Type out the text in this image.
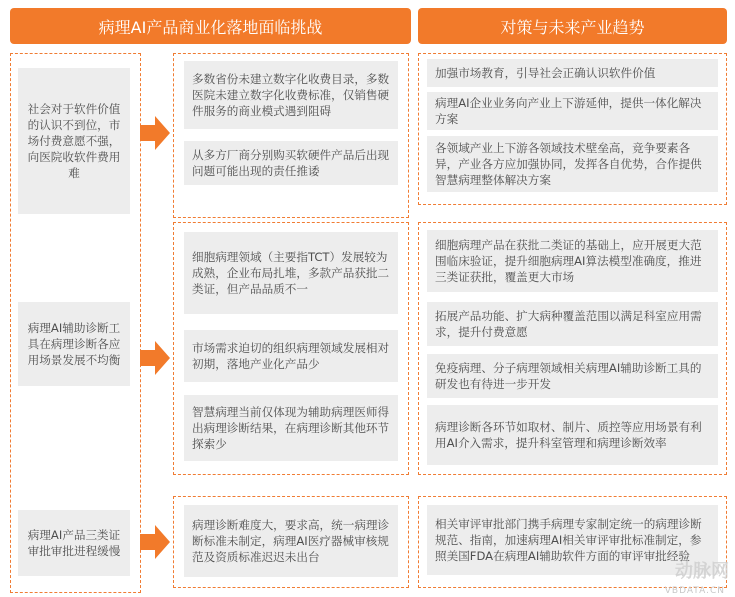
病理AI产品商业化落地面临挑战	对策与未来产业趋势
社会对于软件价值的认识不到位，市场付费意愿不强，向医院收软件费用难
多数省份未建立数字化收费目录，多数医院未建立数字化收费标准，仅销售硬件服务的商业模式遇到阻碍
从多方厂商分别购买软硬件产品后出现问题可能出现的责任推诿
加强市场教育，引导社会正确认识软件价值
病理AI企业业务向产业上下游延伸，提供一体化解决方案
各领域产业上下游各领域技术壁垒高，竞争要素各异，产业各方应加强协同，发挥各自优势，合作提供智慧病理整体解决方案
病理AI辅助诊断工具在病理诊断各应用场景发展不均衡
细胞病理领域（主要指TCT）发展较为成熟，企业布局扎堆，多款产品获批二类证，但产品品质不一
市场需求迫切的组织病理领域发展相对初期，落地产业化产品少
智慧病理当前仅体现为辅助病理医师得出病理诊断结果，在病理诊断其他环节探索少
细胞病理产品在获批二类证的基础上，应开展更大范围临床验证，提升细胞病理AI算法模型准确度，推进三类证获批，覆盖更大市场
拓展产品功能、扩大病种覆盖范围以满足科室应用需求，提升付费意愿
免疫病理、分子病理领域相关病理AI辅助诊断工具的研发也有待进一步开发
病理诊断各环节如取材、制片、质控等应用场景有利用AI介入需求，提升科室管理和病理诊断效率
病理AI产品三类证审批审批进程缓慢
病理诊断难度大，要求高，统一病理诊断标准未制定，病理AI医疗器械审核规范及资质标准迟迟未出台
相关审评审批部门携手病理专家制定统一的病理诊断规范、指南，加速病理AI相关审评审批标准制定，参照美国FDA在病理AI辅助软件方面的审评审批经验
动脉网
VBDATA.CN
